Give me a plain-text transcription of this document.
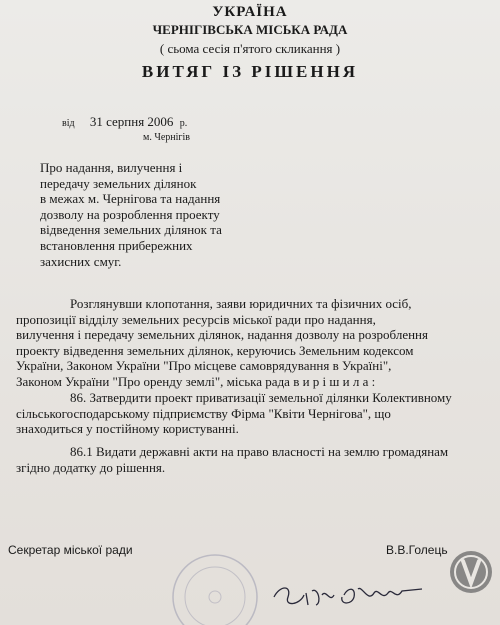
УКРАЇНА
ЧЕРНІГІВСЬКА МІСЬКА РАДА
( сьома сесія п'ятого скликання )
ВИТЯГ ІЗ РІШЕННЯ
від 31 серпня 2006 р.
м. Чернігів
Про надання, вилучення і
передачу земельних ділянок
в межах м. Чернігова та надання
дозволу на розроблення проекту
відведення земельних ділянок та
встановлення прибережних
захисних смуг.
Розглянувши клопотання, заяви юридичних та фізичних осіб,
пропозиції відділу земельних ресурсів міської ради про надання,
вилучення і передачу земельних ділянок, надання дозволу на розроблення
проекту відведення земельних ділянок, керуючись Земельним кодексом
України, Законом України "Про місцеве самоврядування в Україні",
Законом України "Про оренду землі", міська рада в и р і ш и л а :
86. Затвердити проект приватизації земельної ділянки Колективному
сільськогосподарському підприємству Фірма "Квіти Чернігова", що
знаходиться у постійному користуванні.
86.1 Видати державні акти на право власності на землю громадянам
згідно додатку до рішення.
Секретар міської ради	В.В.Голець
